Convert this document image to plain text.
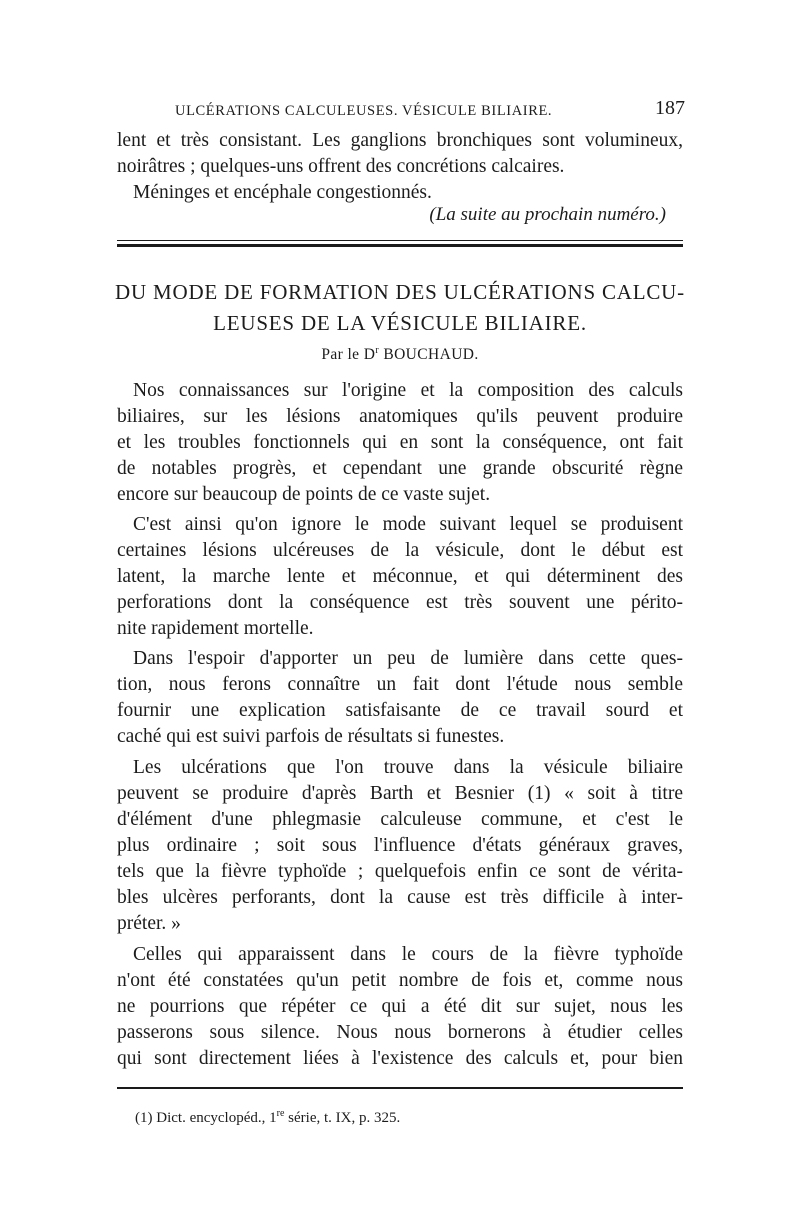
ULCÉRATIONS CALCULEUSES. VÉSICULE BILIAIRE.	187
lent et très consistant. Les ganglions bronchiques sont volumineux,
noirâtres ; quelques-uns offrent des concrétions calcaires.
Méninges et encéphale congestionnés.
(La suite au prochain numéro.)
DU MODE DE FORMATION DES ULCÉRATIONS CALCU-
LEUSES DE LA VÉSICULE BILIAIRE.
Par le $D^r$ BOUCHAUD.
Nos connaissances sur l'origine et la composition des calculs
biliaires, sur les lésions anatomiques qu'ils peuvent produire
et les troubles fonctionnels qui en sont la conséquence, ont fait
de notables progrès, et cependant une grande obscurité règne
encore sur beaucoup de points de ce vaste sujet.
C'est ainsi qu'on ignore le mode suivant lequel se produisent
certaines lésions ulcéreuses de la vésicule, dont le début est
latent, la marche lente et méconnue, et qui déterminent des
perforations dont la conséquence est très souvent une périto-
nite rapidement mortelle.
Dans l'espoir d'apporter un peu de lumière dans cette ques-
tion, nous ferons connaître un fait dont l'étude nous semble
fournir une explication satisfaisante de ce travail sourd et
caché qui est suivi parfois de résultats si funestes.
Les ulcérations que l'on trouve dans la vésicule biliaire
peuvent se produire d'après Barth et Besnier (1) « soit à titre
d'élément d'une phlegmasie calculeuse commune, et c'est le
plus ordinaire ; soit sous l'influence d'états généraux graves,
tels que la fièvre typhoïde ; quelquefois enfin ce sont de vérita-
bles ulcères perforants, dont la cause est très difficile à inter-
préter. »
Celles qui apparaissent dans le cours de la fièvre typhoïde
n'ont été constatées qu'un petit nombre de fois et, comme nous
ne pourrions que répéter ce qui a été dit sur sujet, nous les
passerons sous silence. Nous nous bornerons à étudier celles
qui sont directement liées à l'existence des calculs et, pour bien
(1) Dict. encyclopéd., 1re série, t. IX, p. 325.
